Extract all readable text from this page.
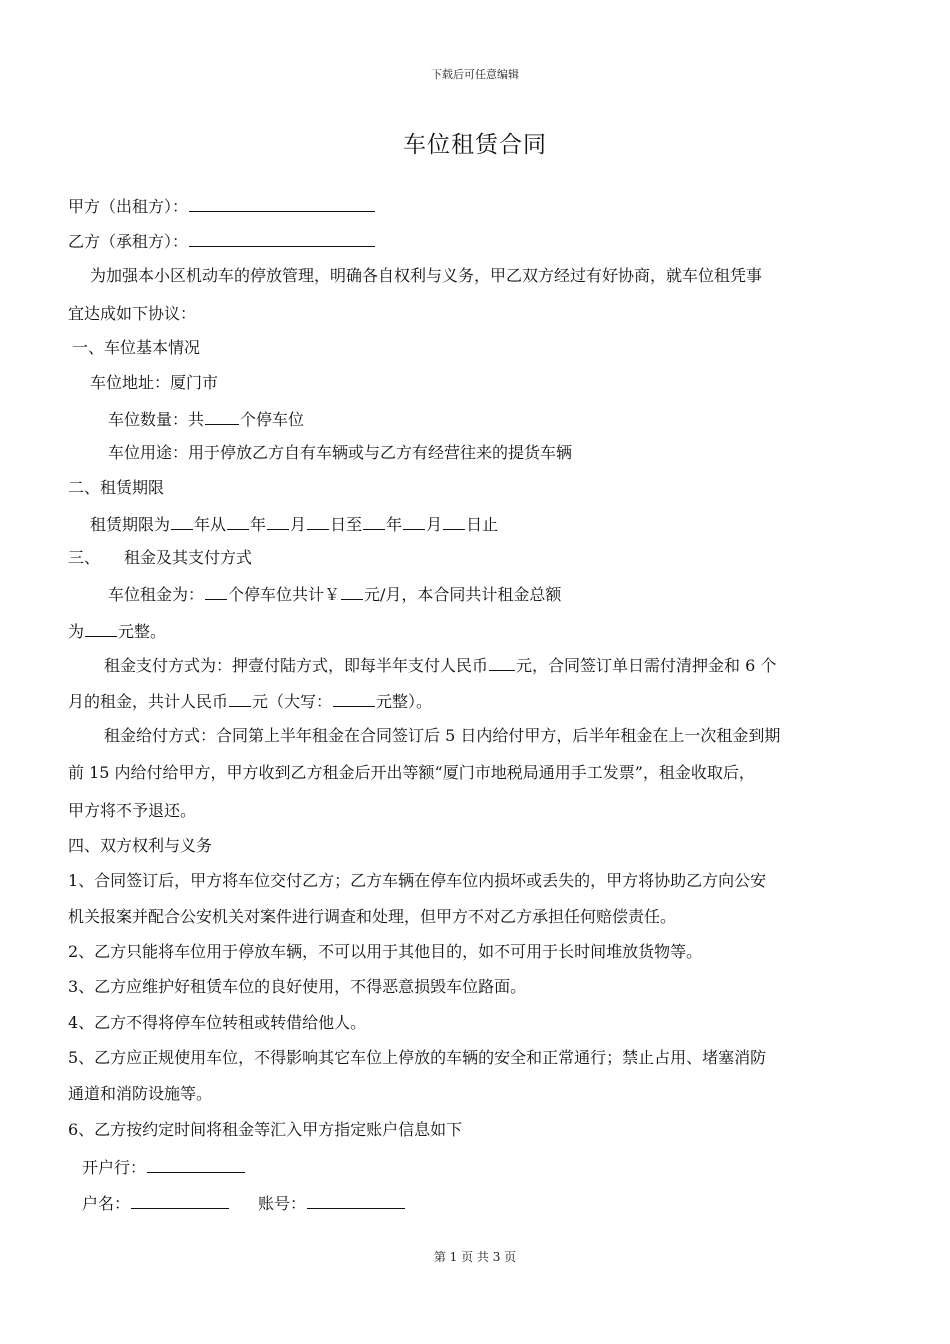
下载后可任意编辑
车位租赁合同
甲方（出租方）：
乙方（承租方）：
为加强本小区机动车的停放管理，明确各自权利与义务，甲乙双方经过有好协商，就车位租凭事
宜达成如下协议：
一、车位基本情况
车位地址：厦门市
车位数量：共 个停车位
车位用途：用于停放乙方自有车辆或与乙方有经营往来的提货车辆
二、租赁期限
租赁期限为 年从 年 月 日至 年 月 日止
三、 租金及其支付方式
车位租金为： 个停车位共计￥ 元/月，本合同共计租金总额
为 元整。
租金支付方式为：押壹付陆方式，即每半年支付人民币 元，合同签订单日需付清押金和 6 个
月的租金，共计人民币 元（大写：	元整）。
租金给付方式：合同第上半年租金在合同签订后 5 日内给付甲方，后半年租金在上一次租金到期
前 15 内给付给甲方，甲方收到乙方租金后开出等额“厦门市地税局通用手工发票”，租金收取后，
甲方将不予退还。
四、双方权利与义务
1、合同签订后，甲方将车位交付乙方；乙方车辆在停车位内损坏或丢失的，甲方将协助乙方向公安
机关报案并配合公安机关对案件进行调查和处理，但甲方不对乙方承担任何赔偿责任。
2、乙方只能将车位用于停放车辆，不可以用于其他目的，如不可用于长时间堆放货物等。
3、乙方应维护好租赁车位的良好使用，不得恶意损毁车位路面。
4、乙方不得将停车位转租或转借给他人。
5、乙方应正规使用车位，不得影响其它车位上停放的车辆的安全和正常通行；禁止占用、堵塞消防
通道和消防设施等。
6、乙方按约定时间将租金等汇入甲方指定账户信息如下
开户行：
户名：	账号：
第 1 页 共 3 页
